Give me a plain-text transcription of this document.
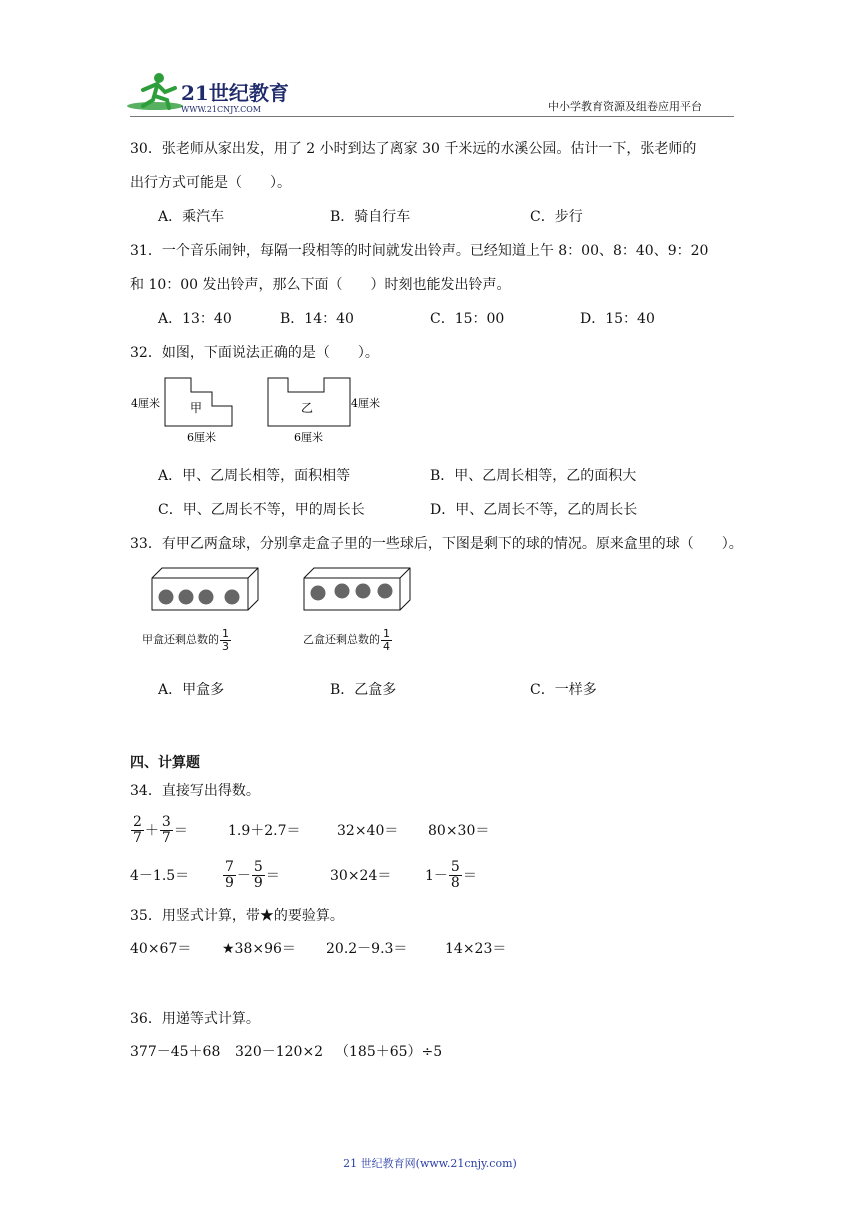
21世纪教育
WWW.21CNJY.COM	中小学教育资源及组卷应用平台
30．张老师从家出发，用了 2 小时到达了离家 30 千米远的水溪公园。估计一下，张老师的
出行方式可能是（　　）。
A．乘汽车	B．骑自行车	C．步行
31．一个音乐闹钟，每隔一段相等的时间就发出铃声。已经知道上午 8：00、8：40、9：20
和 10：00 发出铃声，那么下面（　　）时刻也能发出铃声。
A．13：40	B．14：40	C．15：00	D．15：40
32．如图，下面说法正确的是（　　）。
甲
4厘米
6厘米
乙	4厘米
6厘米
A．甲、乙周长相等，面积相等	B．甲、乙周长相等，乙的面积大
C．甲、乙周长不等，甲的周长长	D．甲、乙周长不等，乙的周长长
33．有甲乙两盒球，分别拿走盒子里的一些球后，下图是剩下的球的情况。原来盒里的球（　　）。
甲盒还剩总数的 $\frac{1}{3}$	乙盒还剩总数的 $\frac{1}{4}$
A．甲盒多	B．乙盒多	C．一样多
四、计算题
34．直接写出得数。
$\frac{2}{7} + \frac{3}{7}$ ＝	1.9＋2.7＝	32×40＝ 80×30＝
$4-1.5= \frac{7}{9} - \frac{5}{9}$ ＝	$30\times 24= 1- \frac{5}{8}$ ＝
35．用竖式计算，带★的要验算。
40×67＝ ★38×96＝ 20.2－9.3＝	14×23＝
36．用递等式计算。
377－45＋68 320－120×2 （185＋65）÷5
21 世纪教育网(www.21cnjy.com)
